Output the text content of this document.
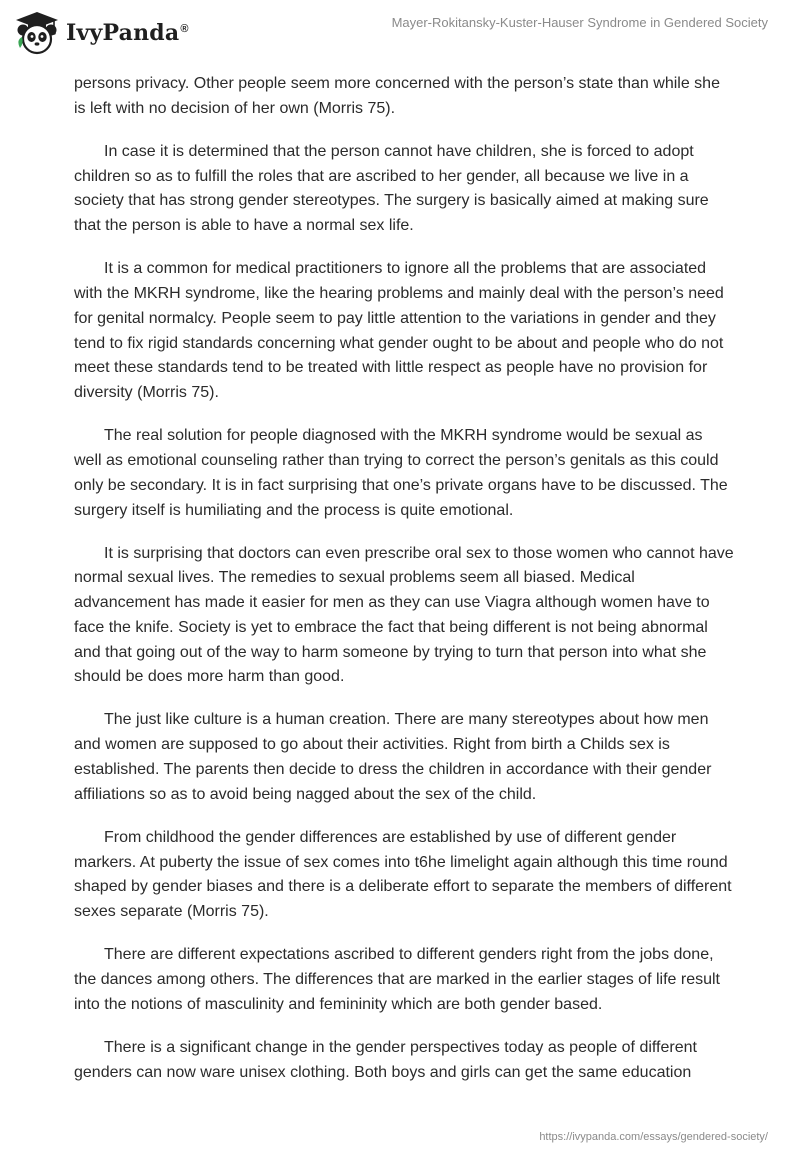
IvyPanda®	Mayer-Rokitansky-Kuster-Hauser Syndrome in Gendered Society

persons privacy. Other people seem more concerned with the person’s state than while she is left with no decision of her own (Morris 75).

In case it is determined that the person cannot have children, she is forced to adopt children so as to fulfill the roles that are ascribed to her gender, all because we live in a society that has strong gender stereotypes. The surgery is basically aimed at making sure that the person is able to have a normal sex life.

It is a common for medical practitioners to ignore all the problems that are associated with the MKRH syndrome, like the hearing problems and mainly deal with the person’s need for genital normalcy. People seem to pay little attention to the variations in gender and they tend to fix rigid standards concerning what gender ought to be about and people who do not meet these standards tend to be treated with little respect as people have no provision for diversity (Morris 75).

The real solution for people diagnosed with the MKRH syndrome would be sexual as well as emotional counseling rather than trying to correct the person’s genitals as this could only be secondary. It is in fact surprising that one’s private organs have to be discussed. The surgery itself is humiliating and the process is quite emotional.

It is surprising that doctors can even prescribe oral sex to those women who cannot have normal sexual lives. The remedies to sexual problems seem all biased. Medical advancement has made it easier for men as they can use Viagra although women have to face the knife. Society is yet to embrace the fact that being different is not being abnormal and that going out of the way to harm someone by trying to turn that person into what she should be does more harm than good.

The just like culture is a human creation. There are many stereotypes about how men and women are supposed to go about their activities. Right from birth a Childs sex is established. The parents then decide to dress the children in accordance with their gender affiliations so as to avoid being nagged about the sex of the child.

From childhood the gender differences are established by use of different gender markers. At puberty the issue of sex comes into t6he limelight again although this time round shaped by gender biases and there is a deliberate effort to separate the members of different sexes separate (Morris 75).

There are different expectations ascribed to different genders right from the jobs done, the dances among others. The differences that are marked in the earlier stages of life result into the notions of masculinity and femininity which are both gender based.

There is a significant change in the gender perspectives today as people of different genders can now ware unisex clothing. Both boys and girls can get the same education

https://ivypanda.com/essays/gendered-society/
